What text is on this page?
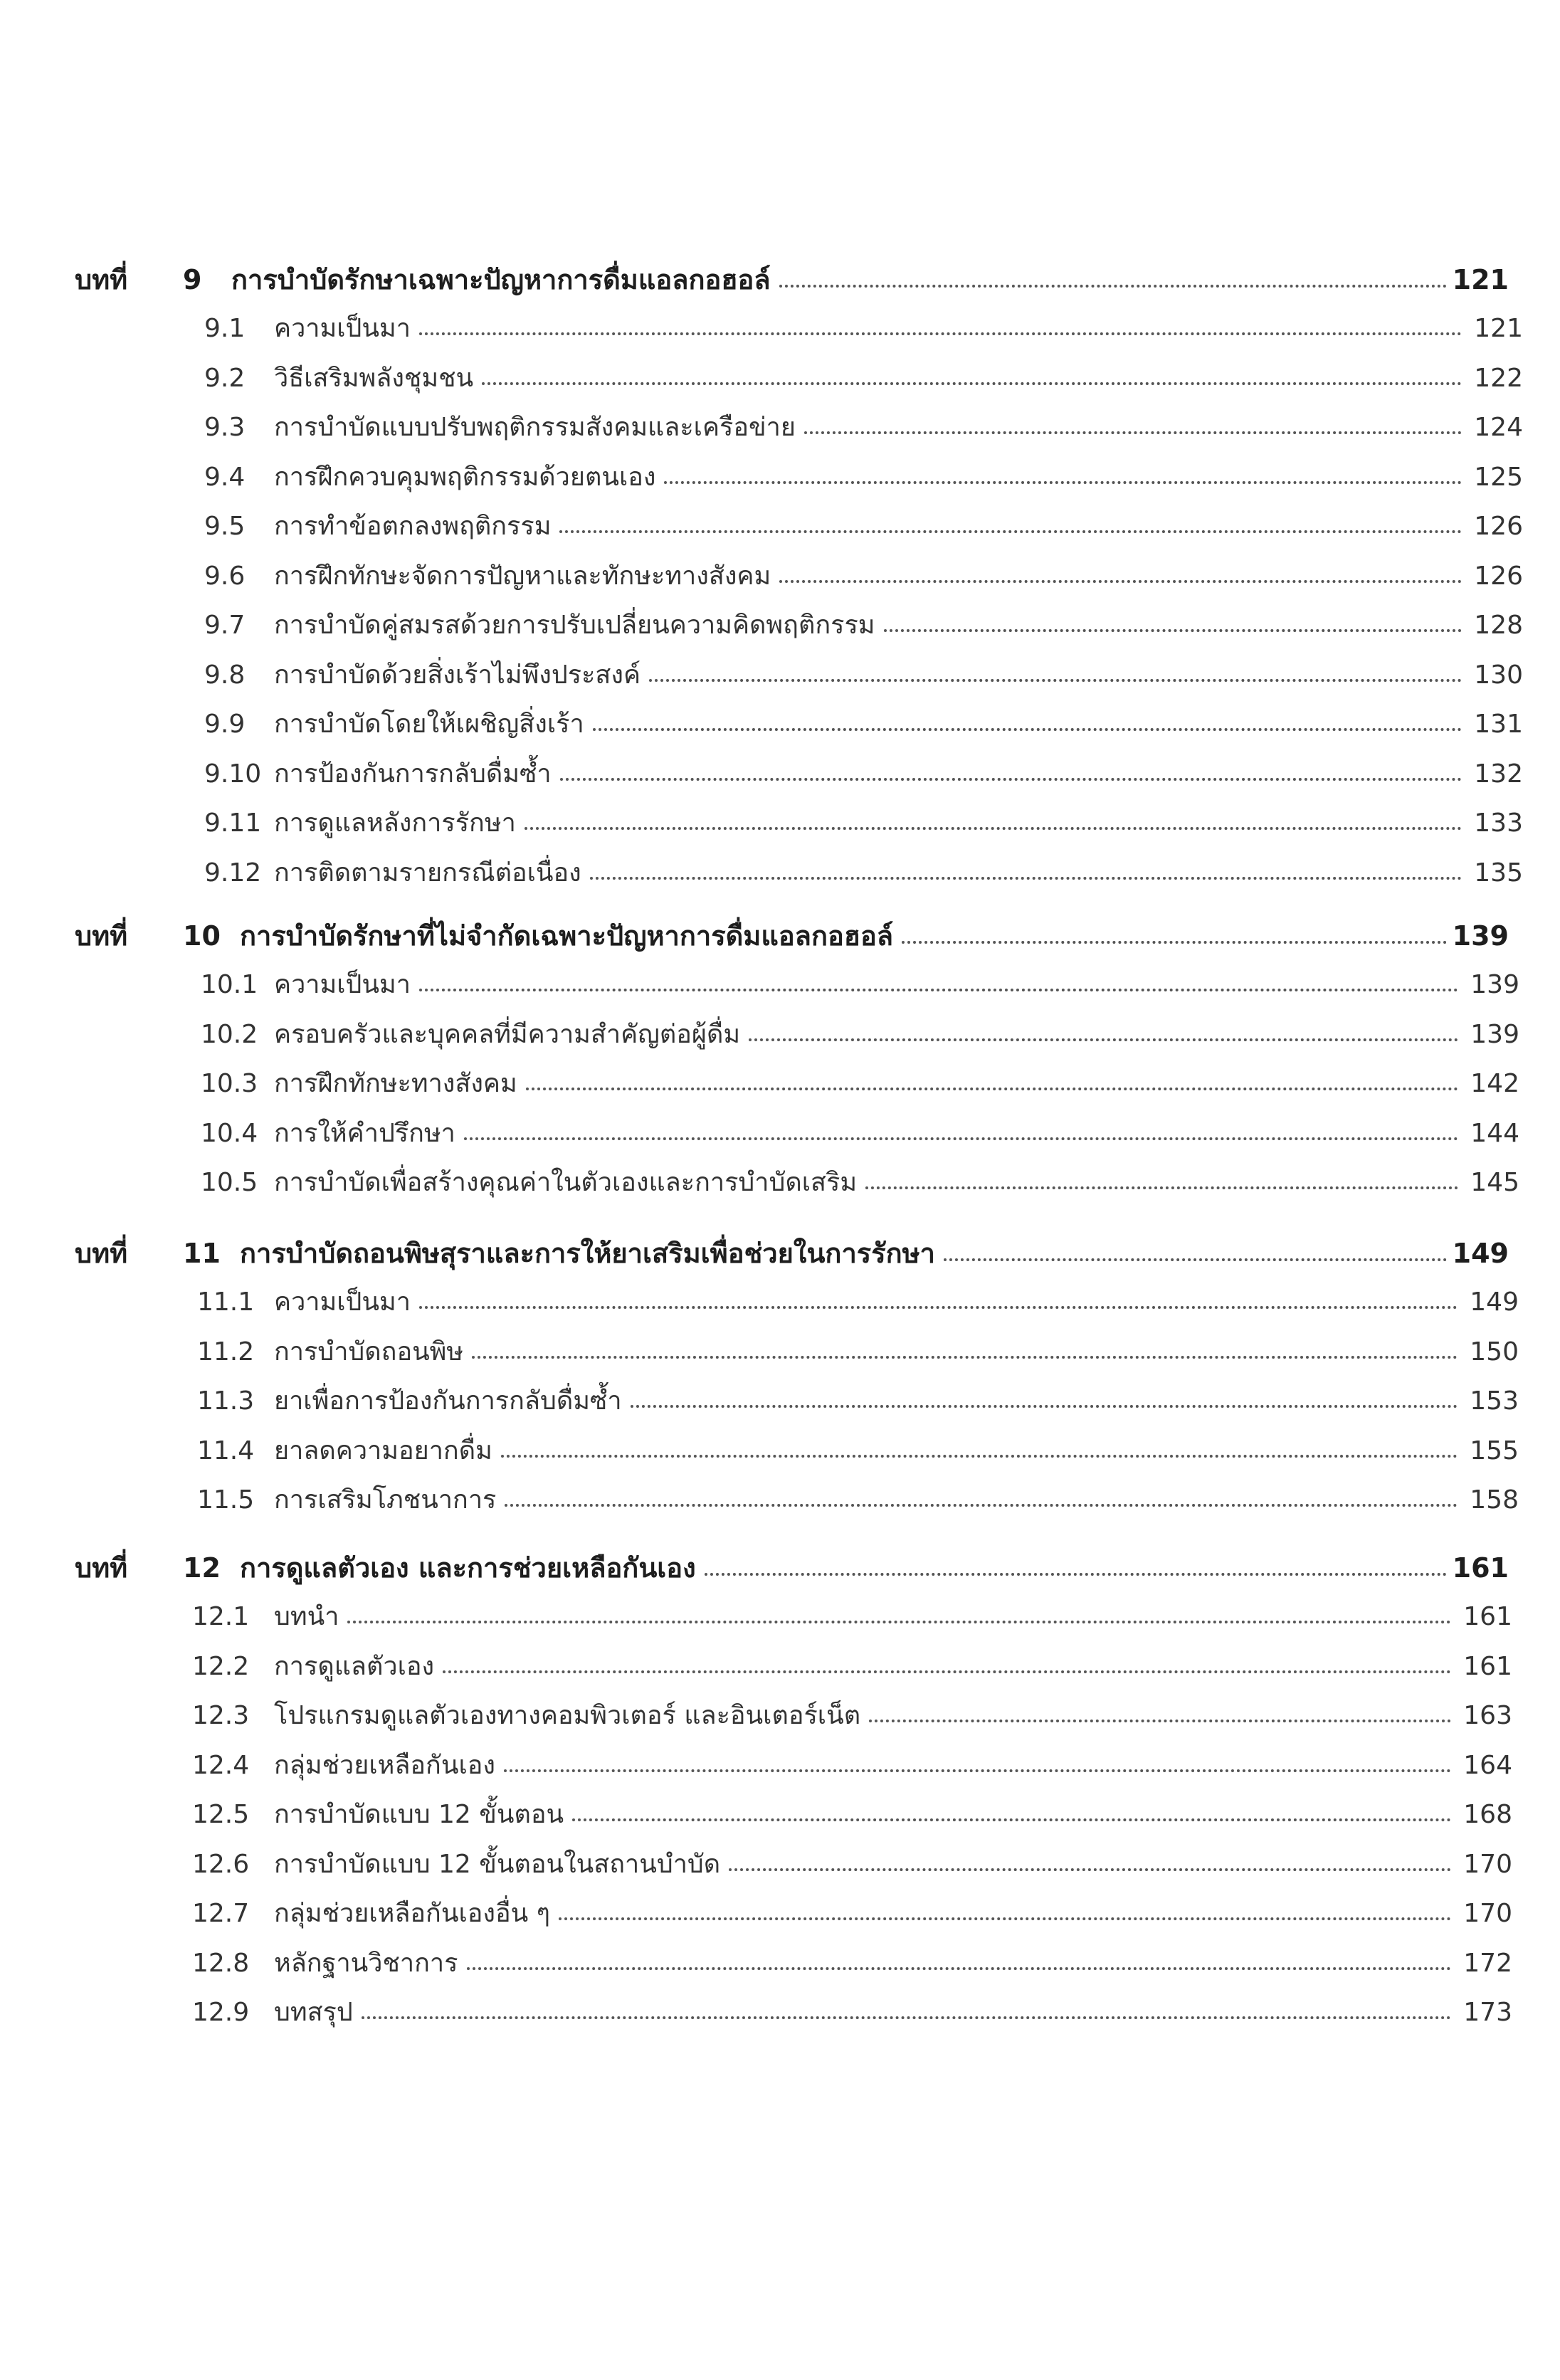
บทที่	9	การบำบัดรักษาเฉพาะปัญหาการดื่มแอลกอฮอล์	121
9.1	ความเป็นมา	121
9.2	วิธีเสริมพลังชุมชน	122
9.3	การบำบัดแบบปรับพฤติกรรมสังคมและเครือข่าย	124
9.4	การฝึกควบคุมพฤติกรรมด้วยตนเอง	125
9.5	การทำข้อตกลงพฤติกรรม	126
9.6	การฝึกทักษะจัดการปัญหาและทักษะทางสังคม	126
9.7	การบำบัดคู่สมรสด้วยการปรับเปลี่ยนความคิดพฤติกรรม	128
9.8	การบำบัดด้วยสิ่งเร้าไม่พึงประสงค์	130
9.9	การบำบัดโดยให้เผชิญสิ่งเร้า	131
9.10 การป้องกันการกลับดื่มซ้ำ	132
9.11 การดูแลหลังการรักษา	133
9.12 การติดตามรายกรณีต่อเนื่อง	135
บทที่	10 การบำบัดรักษาที่ไม่จำกัดเฉพาะปัญหาการดื่มแอลกอฮอล์	139
10.1 ความเป็นมา	139
10.2 ครอบครัวและบุคคลที่มีความสำคัญต่อผู้ดื่ม	139
10.3 การฝึกทักษะทางสังคม	142
10.4 การให้คำปรึกษา	144
10.5 การบำบัดเพื่อสร้างคุณค่าในตัวเองและการบำบัดเสริม	145
บทที่	11 การบำบัดถอนพิษสุราและการให้ยาเสริมเพื่อช่วยในการรักษา	149
11.1 ความเป็นมา	149
11.2 การบำบัดถอนพิษ	150
11.3 ยาเพื่อการป้องกันการกลับดื่มซ้ำ	153
11.4 ยาลดความอยากดื่ม	155
11.5 การเสริมโภชนาการ	158
บทที่	12 การดูแลตัวเอง และการช่วยเหลือกันเอง	161
12.1 บทนำ	161
12.2 การดูแลตัวเอง	161
12.3 โปรแกรมดูแลตัวเองทางคอมพิวเตอร์ และอินเตอร์เน็ต	163
12.4 กลุ่มช่วยเหลือกันเอง	164
12.5 การบำบัดแบบ 12 ขั้นตอน	168
12.6 การบำบัดแบบ 12 ขั้นตอนในสถานบำบัด	170
12.7 กลุ่มช่วยเหลือกันเองอื่น ๆ	170
12.8 หลักฐานวิชาการ	172
12.9 บทสรุป	173
